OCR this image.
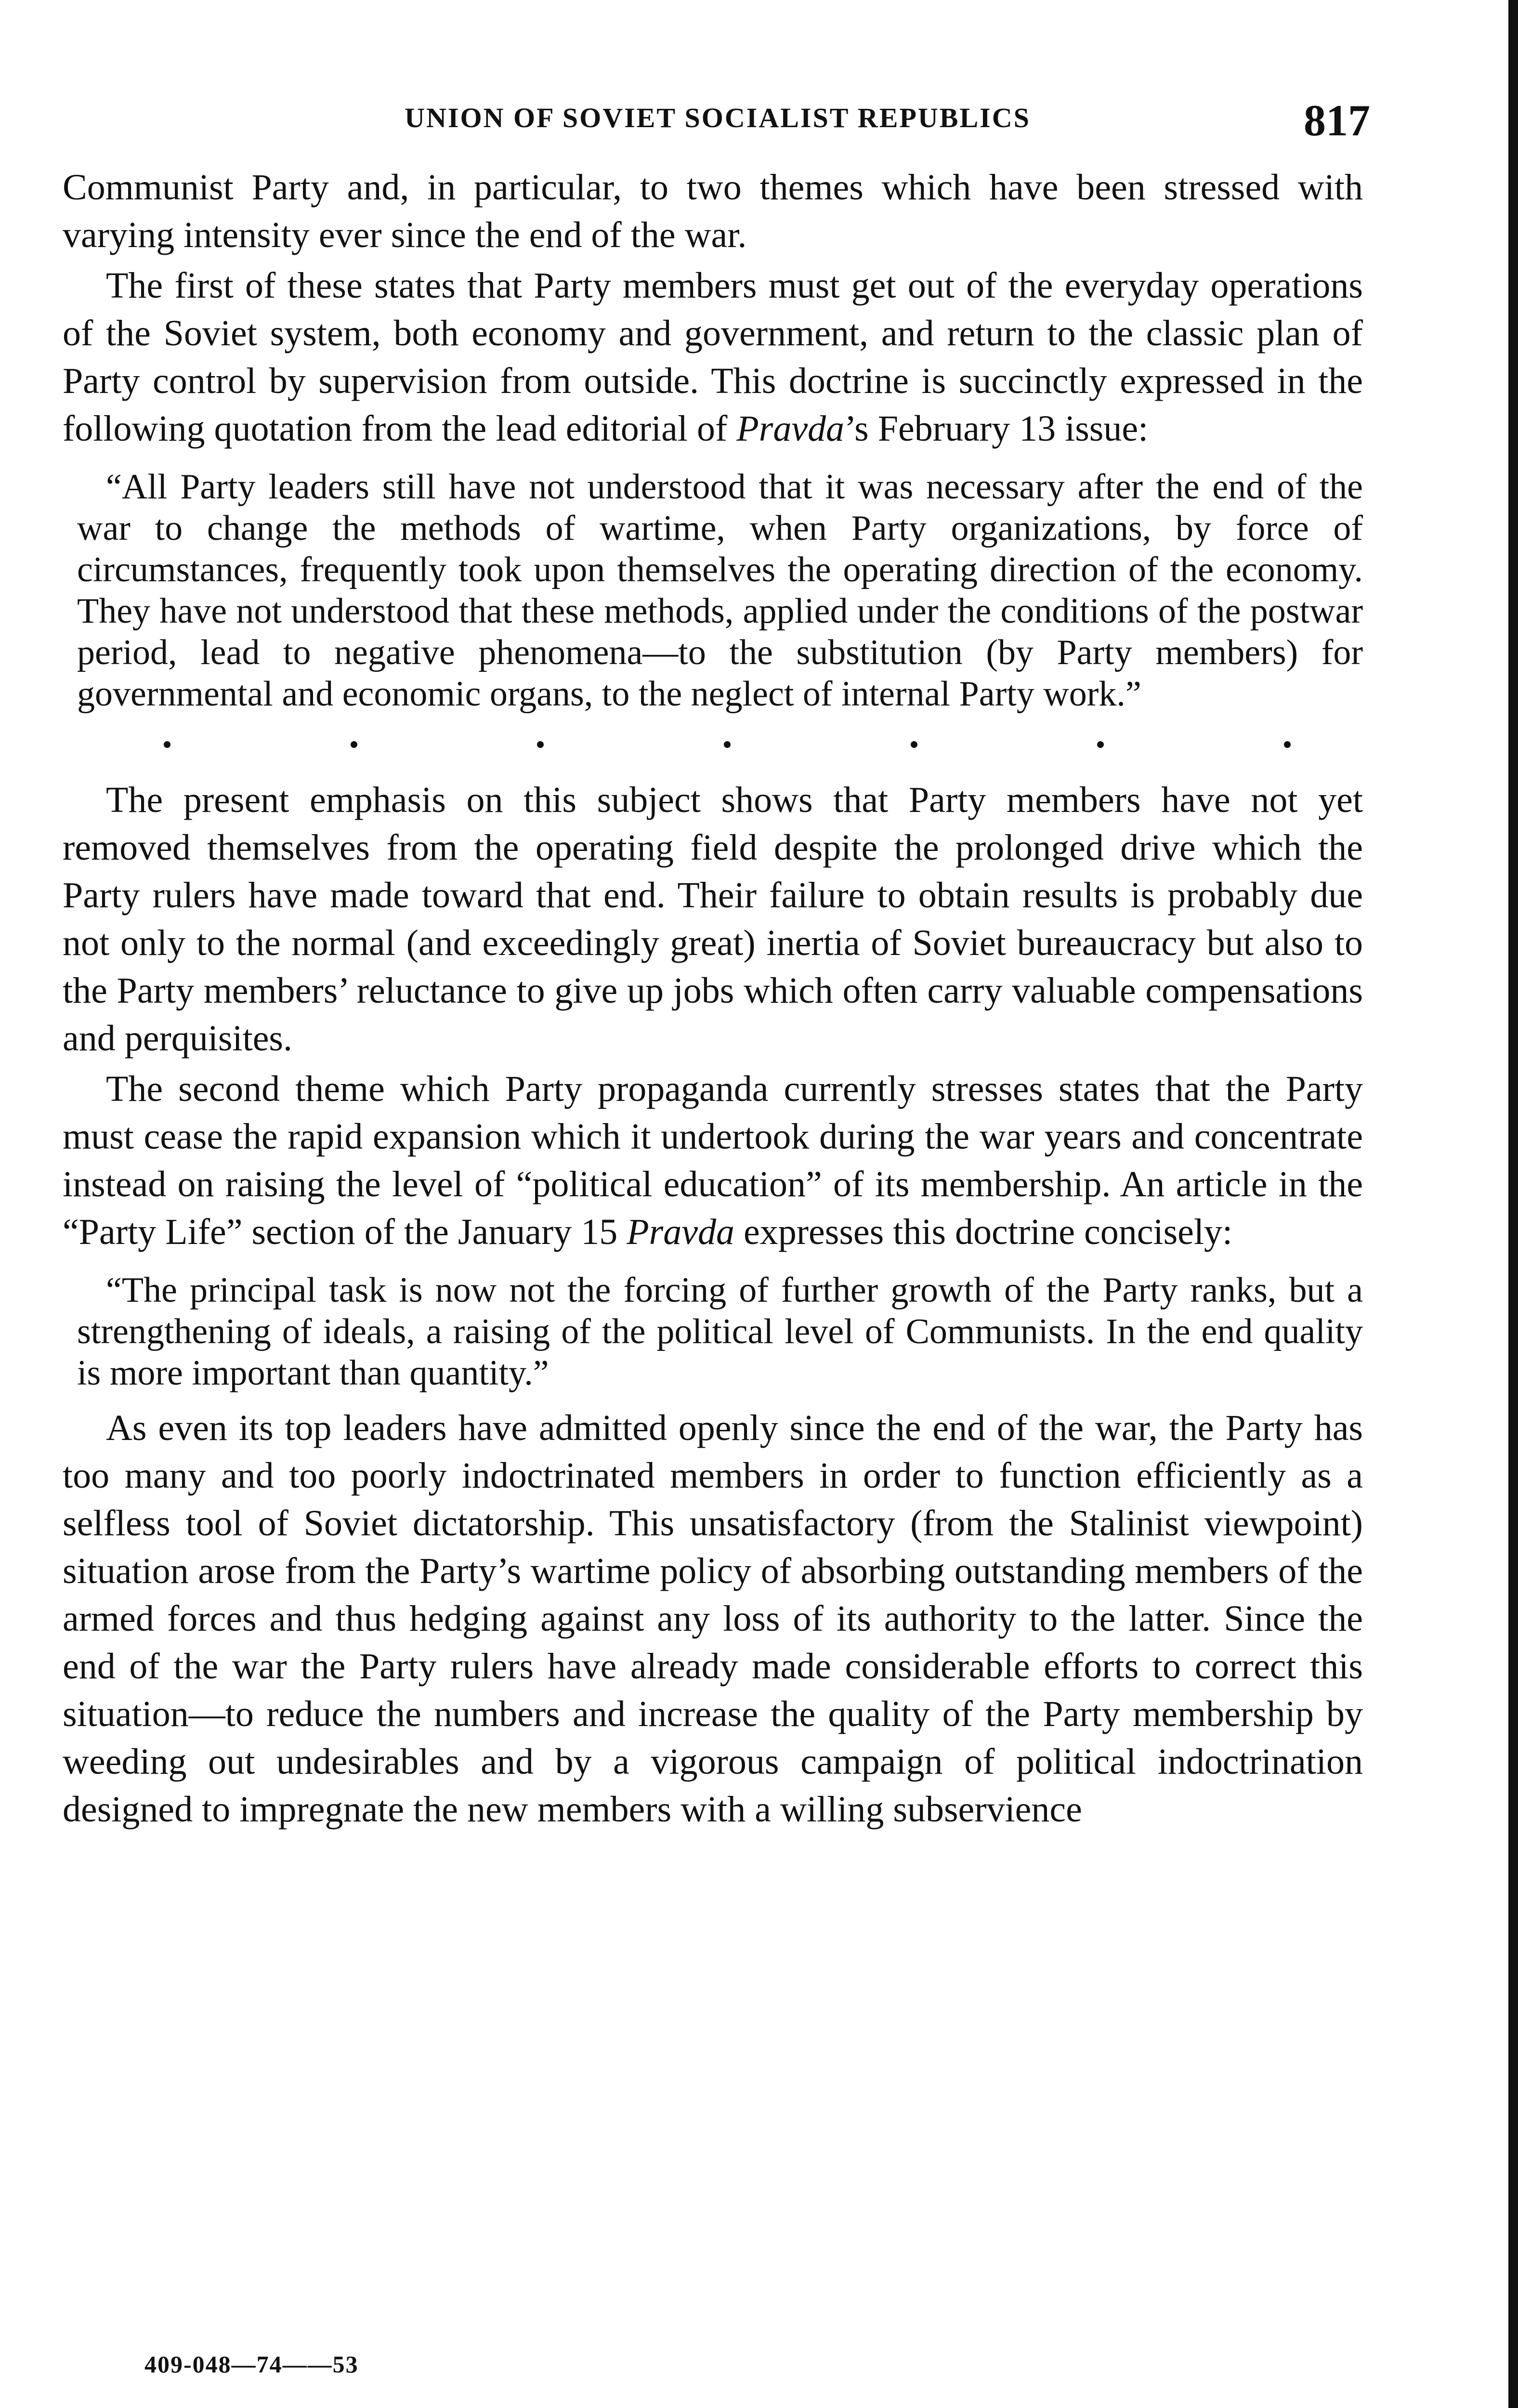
UNION OF SOVIET SOCIALIST REPUBLICS	817

Communist Party and, in particular, to two themes which have been stressed with varying intensity ever since the end of the war.

The first of these states that Party members must get out of the everyday operations of the Soviet system, both economy and government, and return to the classic plan of Party control by supervision from outside. This doctrine is succinctly expressed in the following quotation from the lead editorial of Pravda’s February 13 issue:

“All Party leaders still have not understood that it was necessary after the end of the war to change the methods of wartime, when Party organizations, by force of circumstances, frequently took upon themselves the operating direction of the economy. They have not understood that these methods, applied under the conditions of the postwar period, lead to negative phenomena—to the substitution (by Party members) for governmental and economic organs, to the neglect of internal Party work.”

The present emphasis on this subject shows that Party members have not yet removed themselves from the operating field despite the prolonged drive which the Party rulers have made toward that end. Their failure to obtain results is probably due not only to the normal (and exceedingly great) inertia of Soviet bureaucracy but also to the Party members’ reluctance to give up jobs which often carry valuable compensations and perquisites.

The second theme which Party propaganda currently stresses states that the Party must cease the rapid expansion which it undertook during the war years and concentrate instead on raising the level of “political education” of its membership. An article in the “Party Life” section of the January 15 Pravda expresses this doctrine concisely:

“The principal task is now not the forcing of further growth of the Party ranks, but a strengthening of ideals, a raising of the political level of Communists. In the end quality is more important than quantity.”

As even its top leaders have admitted openly since the end of the war, the Party has too many and too poorly indoctrinated members in order to function efficiently as a selfless tool of Soviet dictatorship. This unsatisfactory (from the Stalinist viewpoint) situation arose from the Party’s wartime policy of absorbing outstanding members of the armed forces and thus hedging against any loss of its authority to the latter. Since the end of the war the Party rulers have already made considerable efforts to correct this situation—to reduce the numbers and increase the quality of the Party membership by weeding out undesirables and by a vigorous campaign of political indoctrination designed to impregnate the new members with a willing subservience

409-048—74——53
